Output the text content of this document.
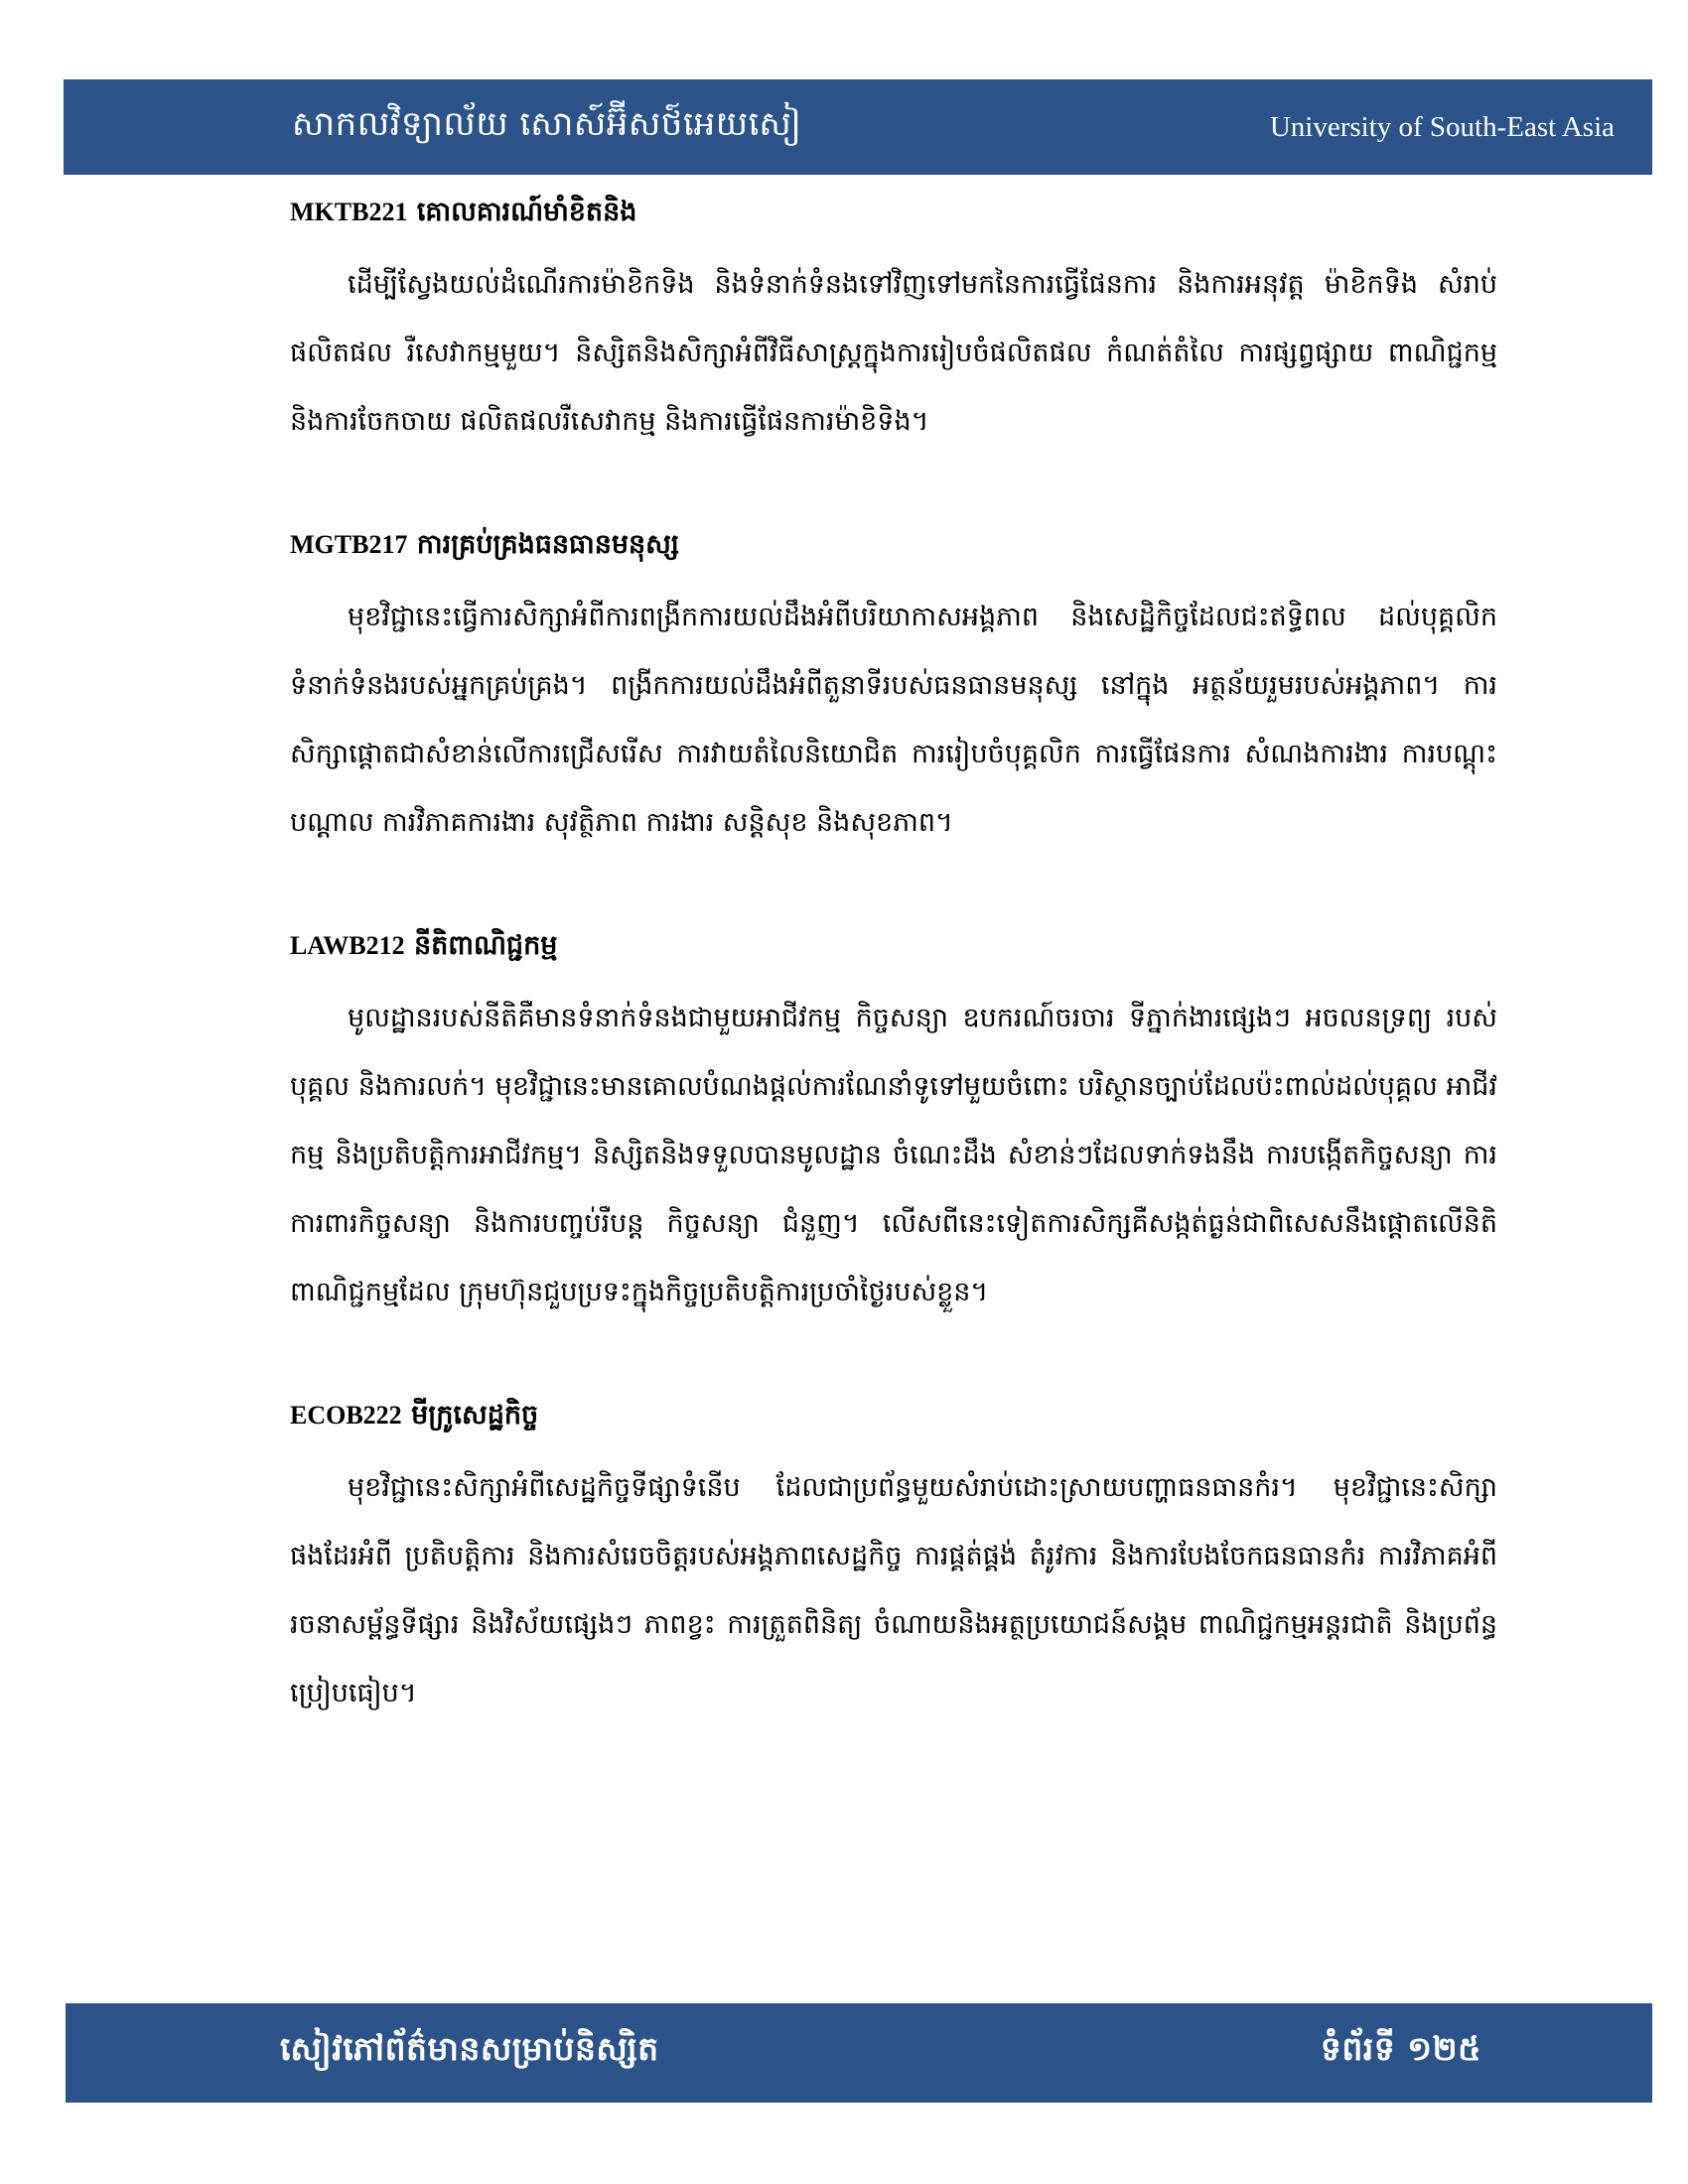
សាកលវិទ្យាល័យ សោស៍អ៊ីសថ៍អេយសៀ	University of South-East Asia
MKTB221 គោលគារណ៍មាំខិតនិង

ដើម្បីស្វែងយល់ដំណើរការម៉ាខិកទិង និងទំនាក់ទំនងទៅវិញទៅមកនៃការធ្វើផែនការ និងការអនុវត្ត ម៉ាខិកទិង សំរាប់ផលិតផល រឺសេវាកម្មមួយ។ និស្សិតនិងសិក្សាអំពីវិធីសាស្ត្រក្នុងការរៀបចំផលិតផល កំណត់តំលៃ ការផ្សព្វផ្សាយ ពាណិជ្ជកម្ម និងការចែកចាយ ផលិតផលរឺសេវាកម្ម និងការធ្វើផែនការម៉ាខិទិង។

MGTB217 ការគ្រប់គ្រងធនធានមនុស្ស

មុខវិជ្ជានេះធ្វើការសិក្សាអំពីការពង្រីកការយល់ដឹងអំពីបរិយាកាសអង្គភាព និងសេដ្ឋិកិច្ចដែលជះឥទ្ធិពល ដល់បុគ្គលិក ទំនាក់ទំនងរបស់អ្នកគ្រប់គ្រង។ ពង្រីកការយល់ដឹងអំពីតួនាទីរបស់ធនធានមនុស្ស នៅក្នុង អត្ថន័យរួមរបស់អង្គភាព។ ការសិក្សាផ្តោតជាសំខាន់លើការជ្រើសរើស ការវាយតំលៃនិយោជិត ការរៀបចំបុគ្គលិក ការធ្វើផែនការ សំណងការងារ ការបណ្តុះបណ្តាល ការវិភាគការងារ សុវត្ថិភាព ការងារ សន្តិសុខ និងសុខភាព។

LAWB212 នីតិពាណិជ្ជកម្ម

មូលដ្ឋានរបស់នីតិគឺមានទំនាក់ទំនងជាមួយអាជីវកម្ម កិច្ចសន្យា ឧបករណ៍ចរចារ ទីភ្នាក់ងារផ្សេងៗ អចលនទ្រព្យ របស់បុគ្គល និងការលក់។ មុខវិជ្ជានេះមានគោលបំណងផ្តល់ការណែនាំទូទៅមួយចំពោះ បរិស្ថានច្បាប់ដែលប៉ះពាល់ដល់បុគ្គល អាជីវកម្ម និងប្រតិបត្តិការអាជីវកម្ម។ និស្សិតនិងទទួលបានមូលដ្ឋាន ចំណេះដឹង សំខាន់ៗដែលទាក់ទងនឹង ការបង្កើតកិច្ចសន្យា ការការពារកិច្ចសន្យា និងការបញ្ចប់រឺបន្ត កិច្ចសន្យា ជំនួញ។ លើសពីនេះទៀតការសិក្សគឺសង្កត់ធ្ងន់ជាពិសេសនឹងផ្តោតលើនិតិពាណិជ្ជកម្មដែល ក្រុមហ៊ុនជួបប្រទះក្នុងកិច្ចប្រតិបត្តិការប្រចាំថ្ងៃរបស់ខ្លួន។

ECOB222 មីក្រូសេដ្ឋកិច្ច

មុខវិជ្ជានេះសិក្សាអំពីសេដ្ឋកិច្ចទីផ្សាទំនើប ដែលជាប្រព័ន្ធមួយសំរាប់ដោះស្រាយបញ្ហាធនធានកំរ។ មុខវិជ្ជានេះសិក្សា ផងដែរអំពី ប្រតិបត្តិការ និងការសំរេចចិត្តរបស់អង្គភាពសេដ្ឋកិច្ច ការផ្គត់ផ្គង់ តំរូវការ និងការបែងចែកធនធានកំរ ការវិភាគអំពីរចនាសម្ព័ន្ធទីផ្សារ និងវិស័យផ្សេងៗ ភាពខ្វះ ការត្រួតពិនិត្យ ចំណាយនិងអត្ថប្រយោជន៍សង្គម ពាណិជ្ជកម្មអន្តរជាតិ និងប្រព័ន្ធប្រៀបធៀប។

សៀវភៅព័ត៌មានសម្រាប់និស្សិត	ទំព័រទី ១២៥
